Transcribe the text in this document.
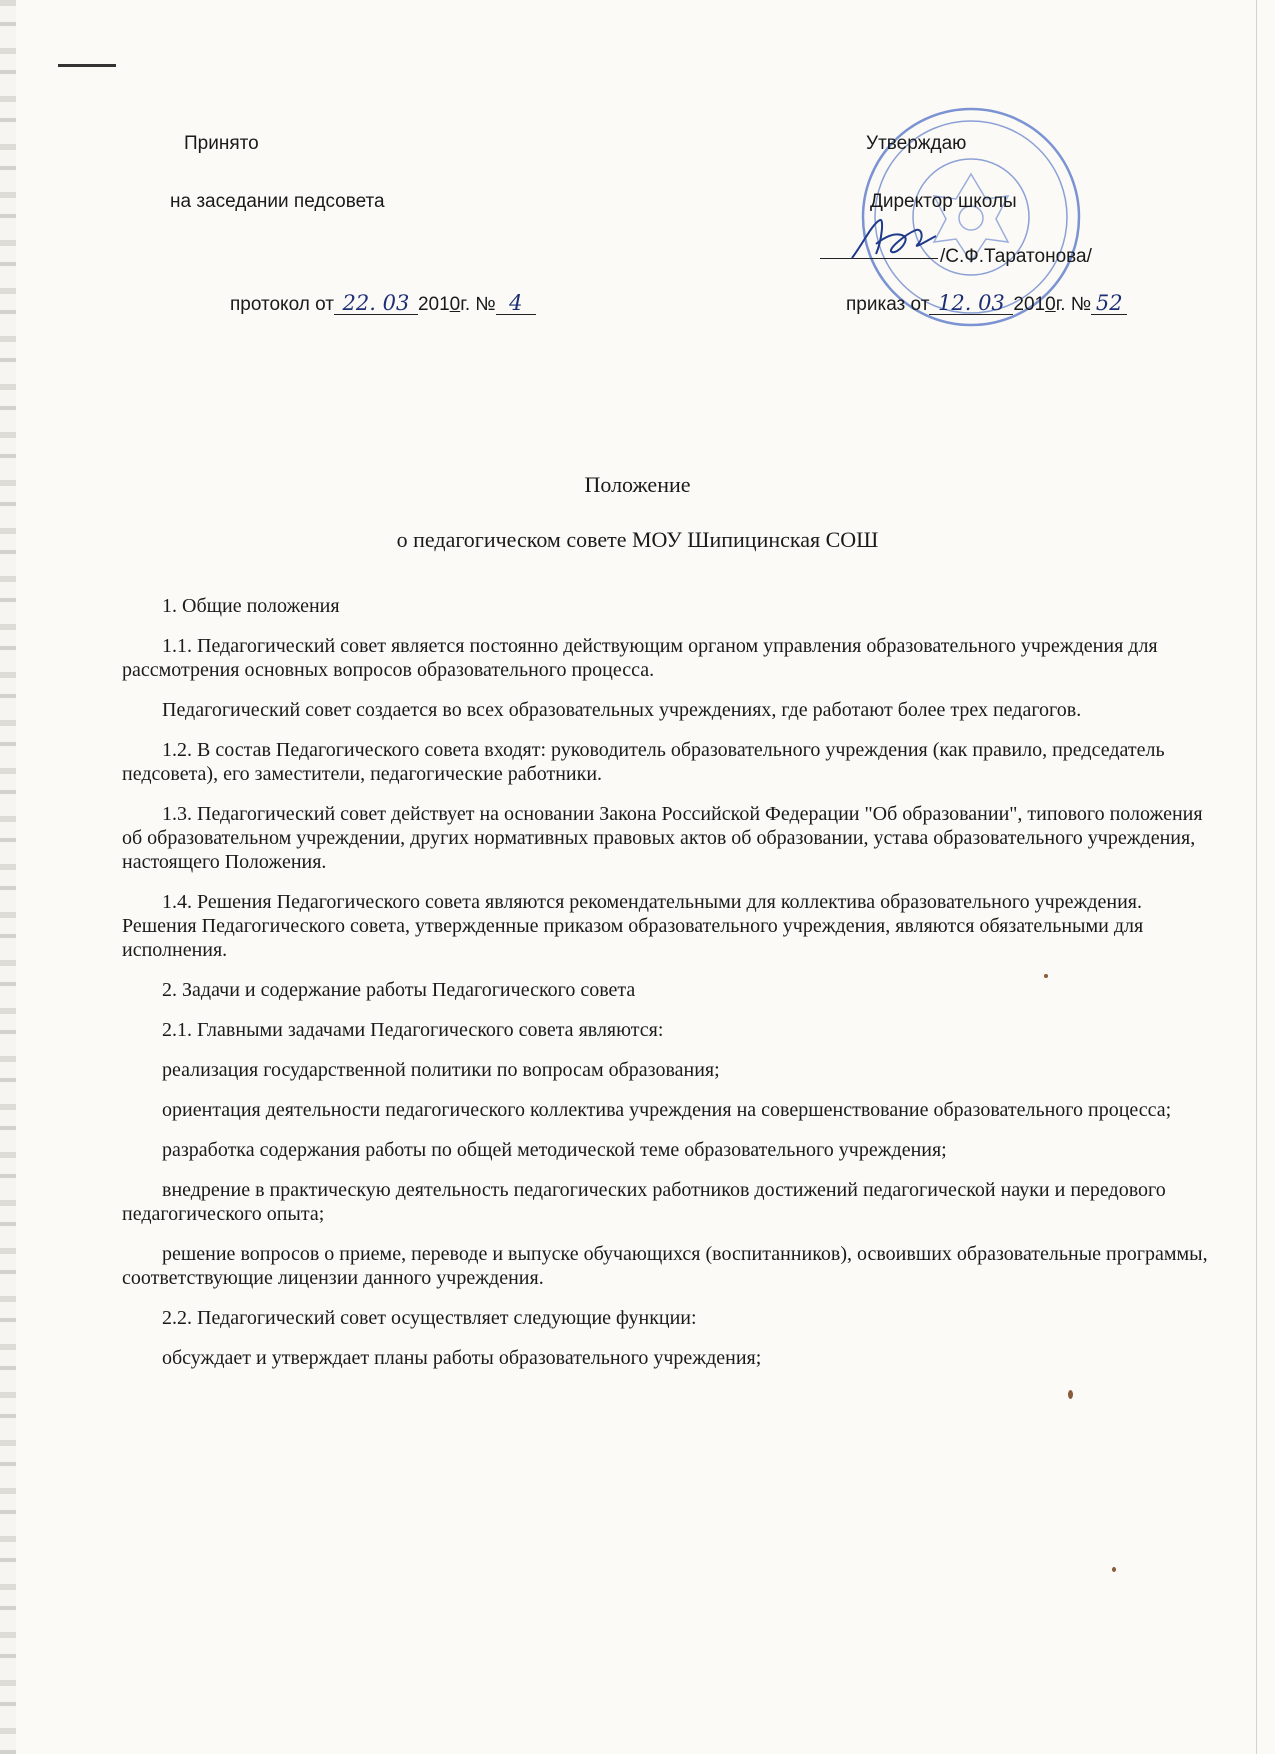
Принято
на заседании педсовета
протокол от 22. 03 2010г. № 4
Утверждаю
Директор школы
/С.Ф.Таратонова/
приказ от 12. 03 2010г. № 52
Положение
о педагогическом совете МОУ Шипицинская СОШ

1. Общие положения

1.1. Педагогический совет является постоянно действующим органом управления образовательного учреждения для рассмотрения основных вопросов образовательного процесса.

Педагогический совет создается во всех образовательных учреждениях, где работают более трех педагогов.

1.2. В состав Педагогического совета входят: руководитель образовательного учреждения (как правило, председатель педсовета), его заместители, педагогические работники.

1.3. Педагогический совет действует на основании Закона Российской Федерации "Об образовании", типового положения об образовательном учреждении, других нормативных правовых актов об образовании, устава образовательного учреждения, настоящего Положения.

1.4. Решения Педагогического совета являются рекомендательными для коллектива образовательного учреждения. Решения Педагогического совета, утвержденные приказом образовательного учреждения, являются обязательными для исполнения.

2. Задачи и содержание работы Педагогического совета

2.1. Главными задачами Педагогического совета являются:

реализация государственной политики по вопросам образования;

ориентация деятельности педагогического коллектива учреждения на совершенствование образовательного процесса;

разработка содержания работы по общей методической теме образовательного учреждения;

внедрение в практическую деятельность педагогических работников достижений педагогической науки и передового педагогического опыта;

решение вопросов о приеме, переводе и выпуске обучающихся (воспитанников), освоивших образовательные программы, соответствующие лицензии данного учреждения.

2.2. Педагогический совет осуществляет следующие функции:

обсуждает и утверждает планы работы образовательного учреждения;
